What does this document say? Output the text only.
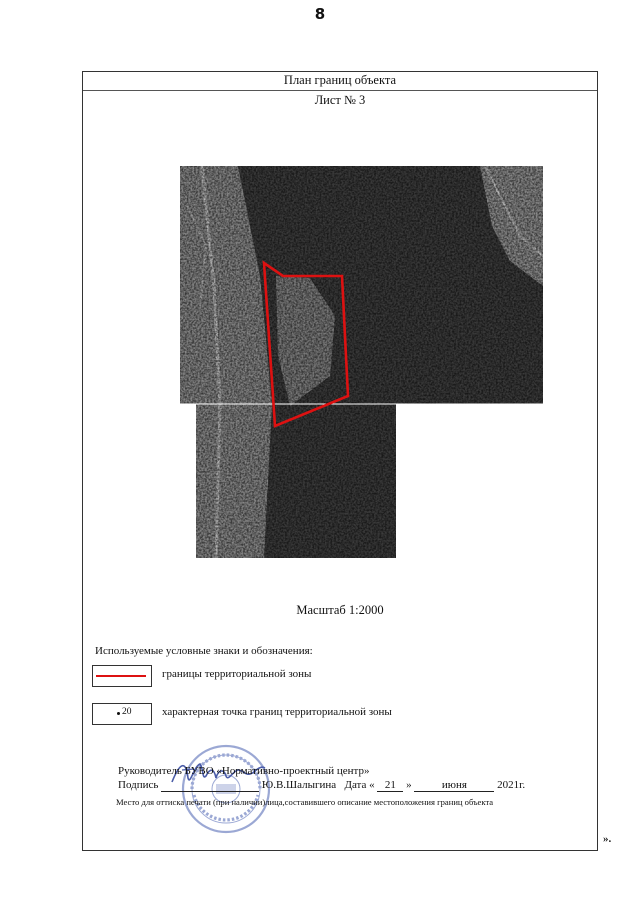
8
План границ объекта
Лист № 3
Масштаб 1:2000
Используемые условные знаки и обозначения:
границы территориальной зоны
20	характерная точка границ территориальной зоны
Руководитель БУВО «Нормативно-проектный центр»
Подпись	Ю.В.Шалыгина Дата « 21 »	июня	2021г.
Место для оттиска печати (при наличии)лица,составившего описание местоположения границ объекта
».
